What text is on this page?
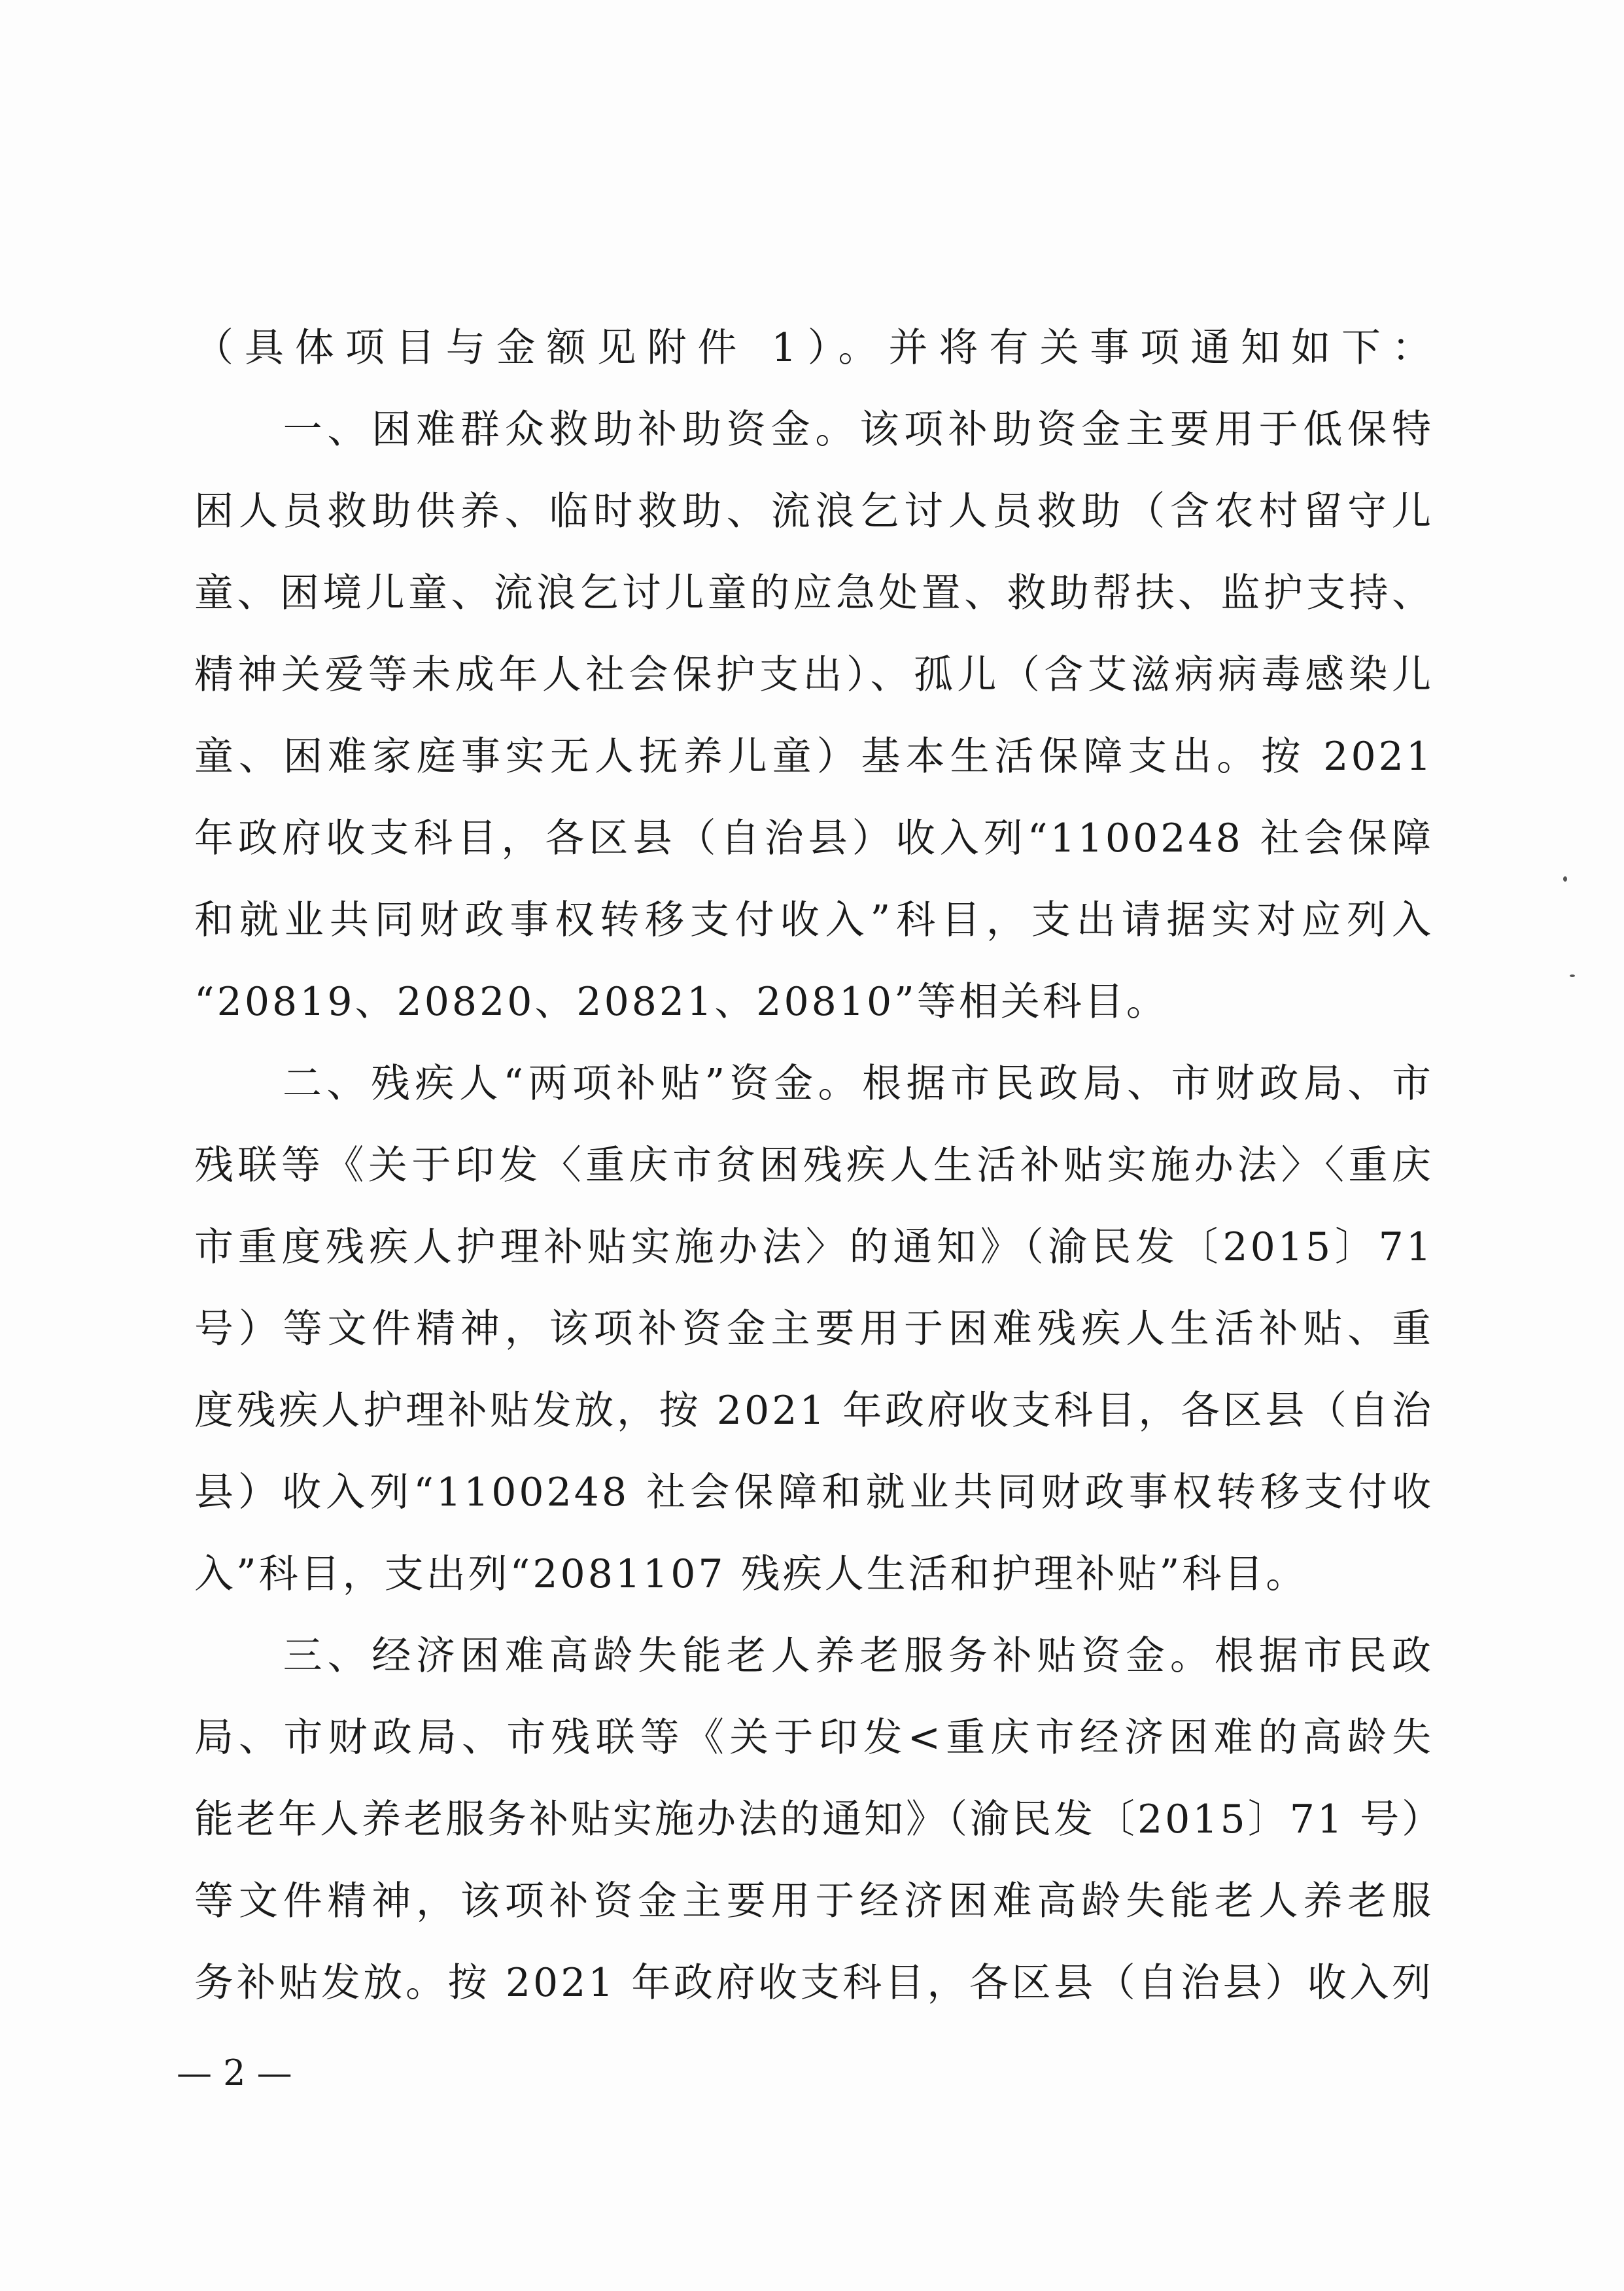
（具体项目与金额见附件 1）。并将有关事项通知如下：
　　一、困难群众救助补助资金。该项补助资金主要用于低保特
困人员救助供养、临时救助、流浪乞讨人员救助（含农村留守儿
童、困境儿童、流浪乞讨儿童的应急处置、救助帮扶、监护支持、
精神关爱等未成年人社会保护支出）、孤儿（含艾滋病病毒感染儿
童、困难家庭事实无人抚养儿童）基本生活保障支出。按 2021
年政府收支科目，各区县（自治县）收入列“1100248 社会保障
和就业共同财政事权转移支付收入”科目，支出请据实对应列入
“20819、20820、20821、20810”等相关科目。
　　二、残疾人“两项补贴”资金。根据市民政局、市财政局、市
残联等《关于印发〈重庆市贫困残疾人生活补贴实施办法〉〈重庆
市重度残疾人护理补贴实施办法〉的通知》（渝民发〔2015〕71
号）等文件精神，该项补资金主要用于困难残疾人生活补贴、重
度残疾人护理补贴发放，按 2021 年政府收支科目，各区县（自治
县）收入列“1100248 社会保障和就业共同财政事权转移支付收
入”科目，支出列“2081107 残疾人生活和护理补贴”科目。
　　三、经济困难高龄失能老人养老服务补贴资金。根据市民政
局、市财政局、市残联等《关于印发<重庆市经济困难的高龄失
能老年人养老服务补贴实施办法的通知》（渝民发〔2015〕71 号）
等文件精神，该项补资金主要用于经济困难高龄失能老人养老服
务补贴发放。按 2021 年政府收支科目，各区县（自治县）收入列
— 2 —
